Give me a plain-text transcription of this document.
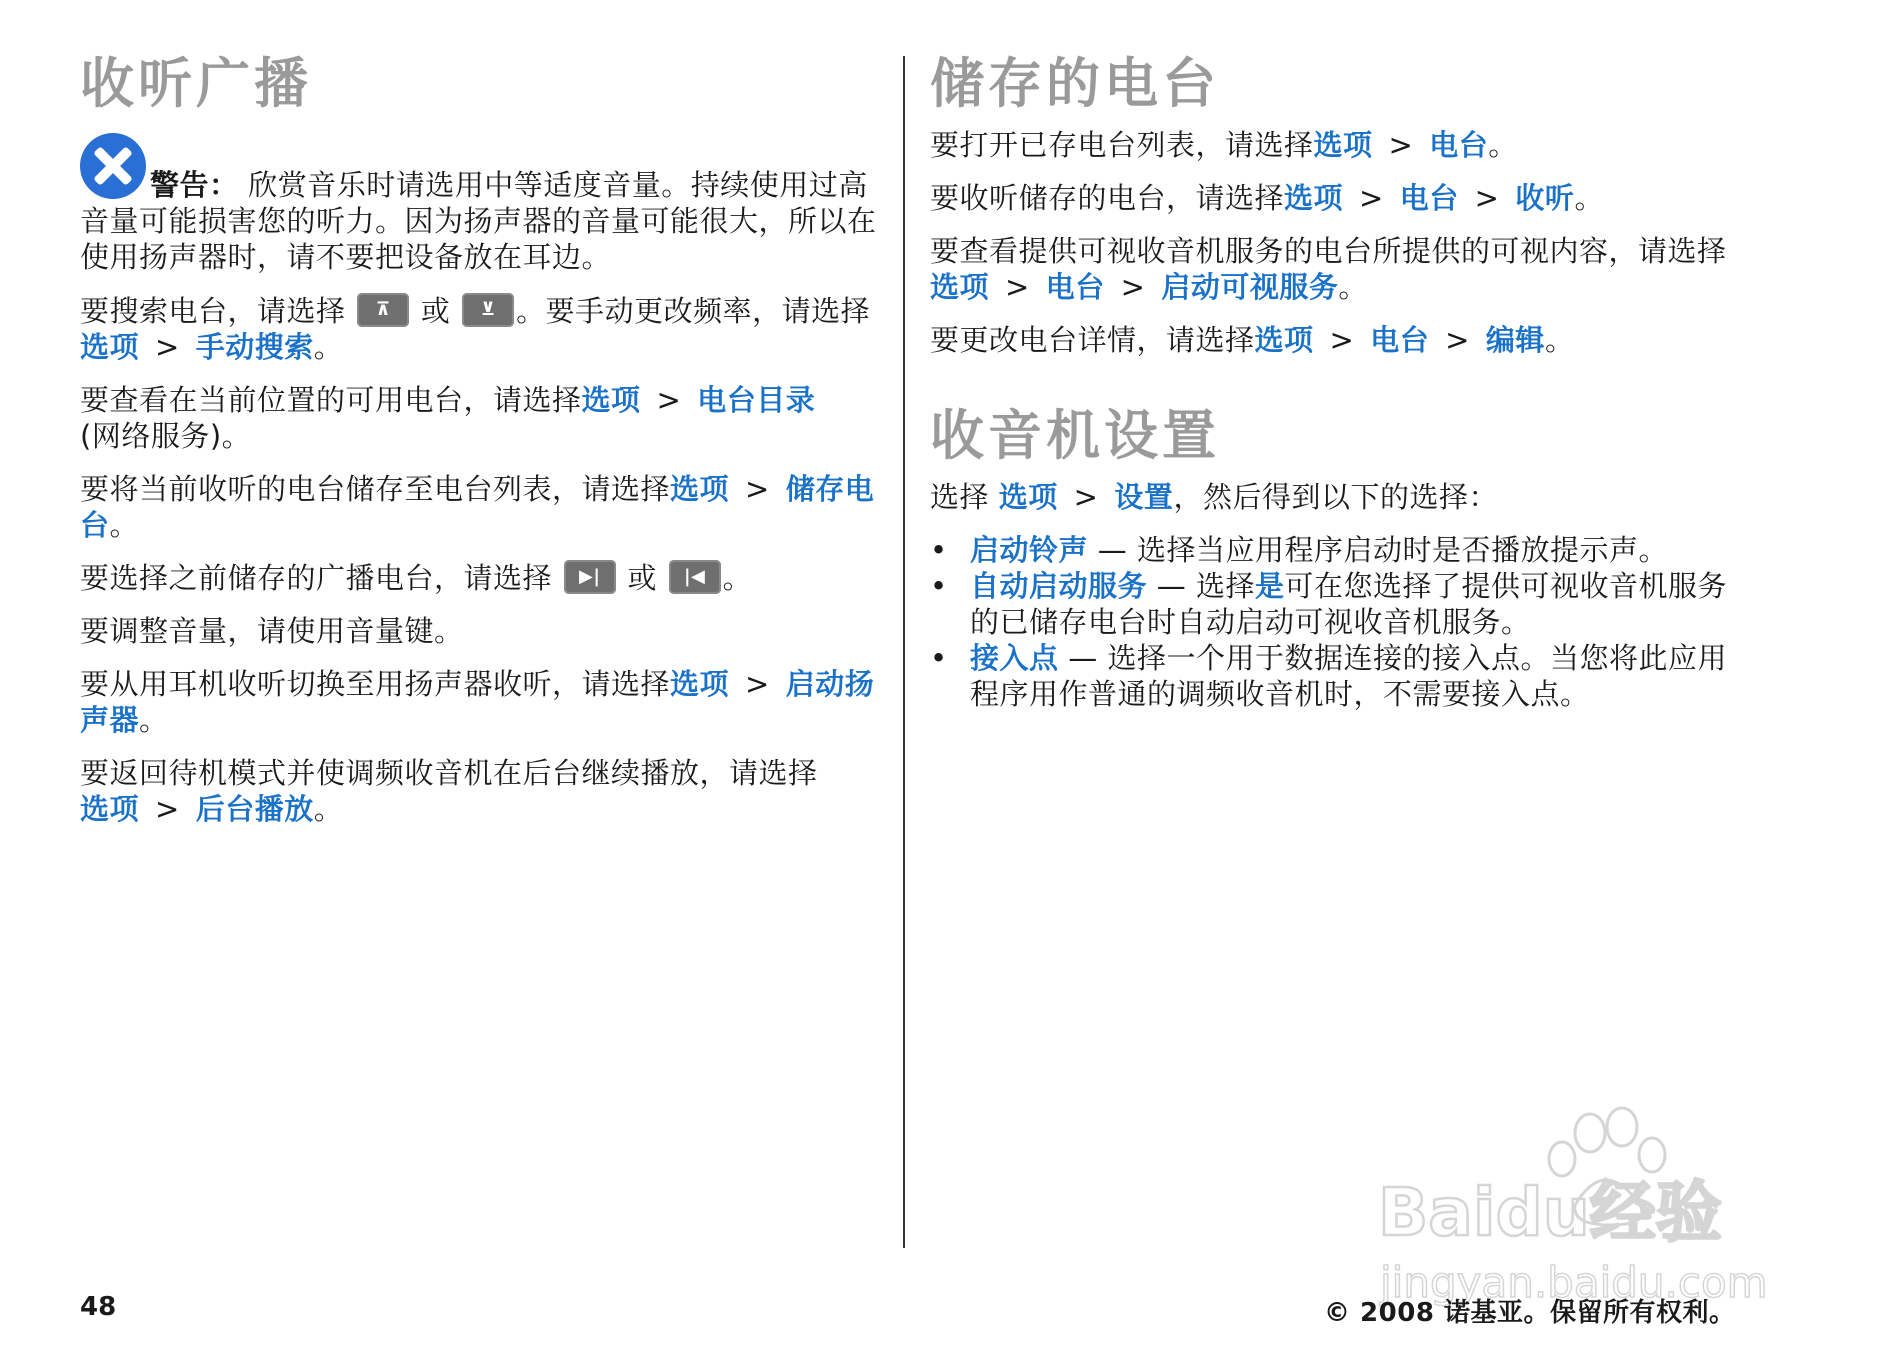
收听广播

警告： 欣赏音乐时请选用中等适度音量。持续使用过高音量可能损害您的听力。因为扬声器的音量可能很大，所以在使用扬声器时，请不要把设备放在耳边。

要搜索电台，请选择	⊼ 或	⊻ 。要手动更改频率，请选择选项 > 手动搜索。

要查看在当前位置的可用电台，请选择选项 > 电台目录
(网络服务)。

要将当前收听的电台储存至电台列表，请选择选项 > 储存电台。

要选择之前储存的广播电台，请选择 ▶| 或 |◀ 。

要调整音量，请使用音量键。

要从用耳机收听切换至用扬声器收听，请选择选项 > 启动扬声器。

要返回待机模式并使调频收音机在后台继续播放，请选择
选项 > 后台播放。

储存的电台

要打开已存电台列表，请选择选项 > 电台。

要收听储存的电台，请选择选项 > 电台 > 收听。

要查看提供可视收音机服务的电台所提供的可视内容，请选择选项 > 电台 > 启动可视服务。

要更改电台详情，请选择选项 > 电台 > 编辑。

收音机设置

选择 选项 > 设置，然后得到以下的选择：

• 启动铃声 — 选择当应用程序启动时是否播放提示声。
• 自动启动服务 — 选择是可在您选择了提供可视收音机服务的已储存电台时自动启动可视收音机服务。
• 接入点 — 选择一个用于数据连接的接入点。当您将此应用程序用作普通的调频收音机时，不需要接入点。
Baidu经验
jingyan.baidu.com
48	© 2008 诺基亚。保留所有权利。
